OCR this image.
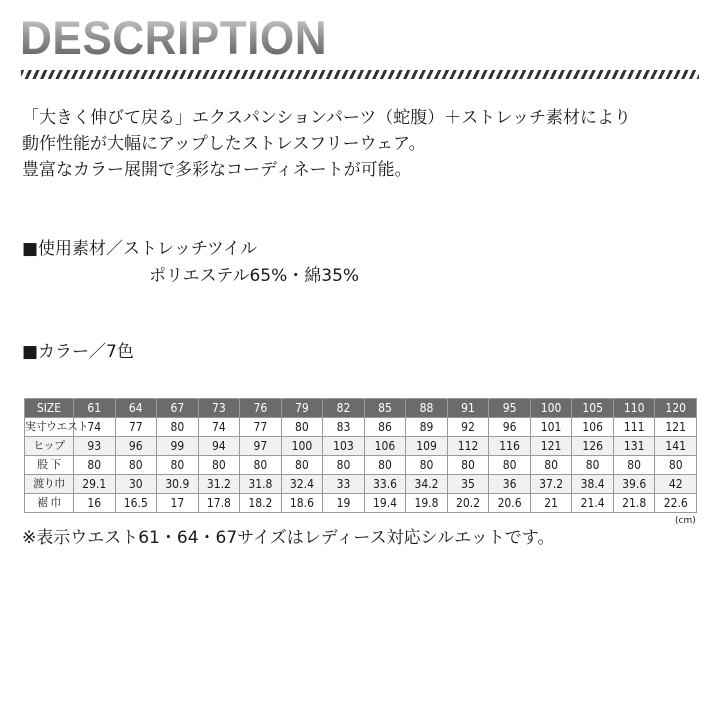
DESCRIPTION
「大きく伸びて戻る」エクスパンションパーツ（蛇腹）＋ストレッチ素材により
動作性能が大幅にアップしたストレスフリーウェア。
豊富なカラー展開で多彩なコーディネートが可能。
■使用素材／ストレッチツイル
ポリエステル65%・綿35%
■カラー／7色
SIZE	61	64	67	73	76	79	82	85	88	91	95	100	105	110	120
実寸ウエスト	74	77	80	74	77	80	83	86	89	92	96	101	106	111	121
ヒップ	93	96	99	94	97	100	103	106	109	112	116	121	126	131	141
股 下	80	80	80	80	80	80	80	80	80	80	80	80	80	80	80
渡り巾	29.1	30	30.9	31.2	31.8	32.4	33	33.6	34.2	35	36	37.2	38.4	39.6	42
裾 巾	16	16.5	17	17.8	18.2	18.6	19	19.4	19.8	20.2	20.6	21	21.4	21.8	22.6
(cm)
※表示ウエスト61・64・67サイズはレディース対応シルエットです。
